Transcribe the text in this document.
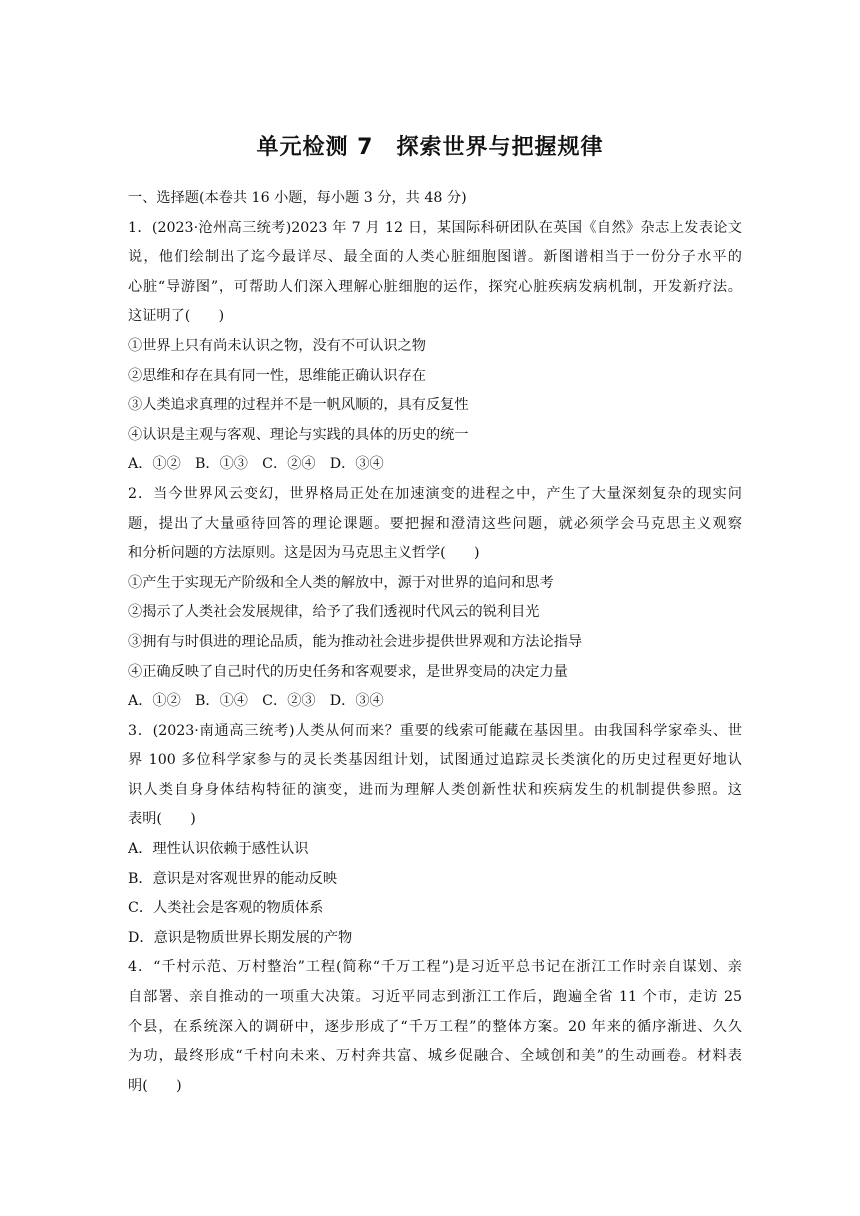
单元检测 7　探索世界与把握规律
一、选择题(本卷共 16 小题，每小题 3 分，共 48 分)
1．(2023·沧州高三统考)2023 年 7 月 12 日，某国际科研团队在英国《自然》杂志上发表论文
说，他们绘制出了迄今最详尽、最全面的人类心脏细胞图谱。新图谱相当于一份分子水平的
心脏“导游图”，可帮助人们深入理解心脏细胞的运作，探究心脏疾病发病机制，开发新疗法。
这证明了(　　)
①世界上只有尚未认识之物，没有不可认识之物
②思维和存在具有同一性，思维能正确认识存在
③人类追求真理的过程并不是一帆风顺的，具有反复性
④认识是主观与客观、理论与实践的具体的历史的统一
A．①②　B．①③　C．②④　D．③④
2．当今世界风云变幻，世界格局正处在加速演变的进程之中，产生了大量深刻复杂的现实问
题，提出了大量亟待回答的理论课题。要把握和澄清这些问题，就必须学会马克思主义观察
和分析问题的方法原则。这是因为马克思主义哲学(　　)
①产生于实现无产阶级和全人类的解放中，源于对世界的追问和思考
②揭示了人类社会发展规律，给予了我们透视时代风云的锐利目光
③拥有与时俱进的理论品质，能为推动社会进步提供世界观和方法论指导
④正确反映了自己时代的历史任务和客观要求，是世界变局的决定力量
A．①②　B．①④　C．②③　D．③④
3．(2023·南通高三统考)人类从何而来？重要的线索可能藏在基因里。由我国科学家牵头、世
界 100 多位科学家参与的灵长类基因组计划，试图通过追踪灵长类演化的历史过程更好地认
识人类自身身体结构特征的演变，进而为理解人类创新性状和疾病发生的机制提供参照。这
表明(　　)
A．理性认识依赖于感性认识
B．意识是对客观世界的能动反映
C．人类社会是客观的物质体系
D．意识是物质世界长期发展的产物
4．“千村示范、万村整治”工程(简称“千万工程”)是习近平总书记在浙江工作时亲自谋划、亲
自部署、亲自推动的一项重大决策。习近平同志到浙江工作后，跑遍全省 11 个市，走访 25
个县，在系统深入的调研中，逐步形成了“千万工程”的整体方案。20 年来的循序渐进、久久
为功，最终形成“千村向未来、万村奔共富、城乡促融合、全域创和美”的生动画卷。材料表
明(　　)
